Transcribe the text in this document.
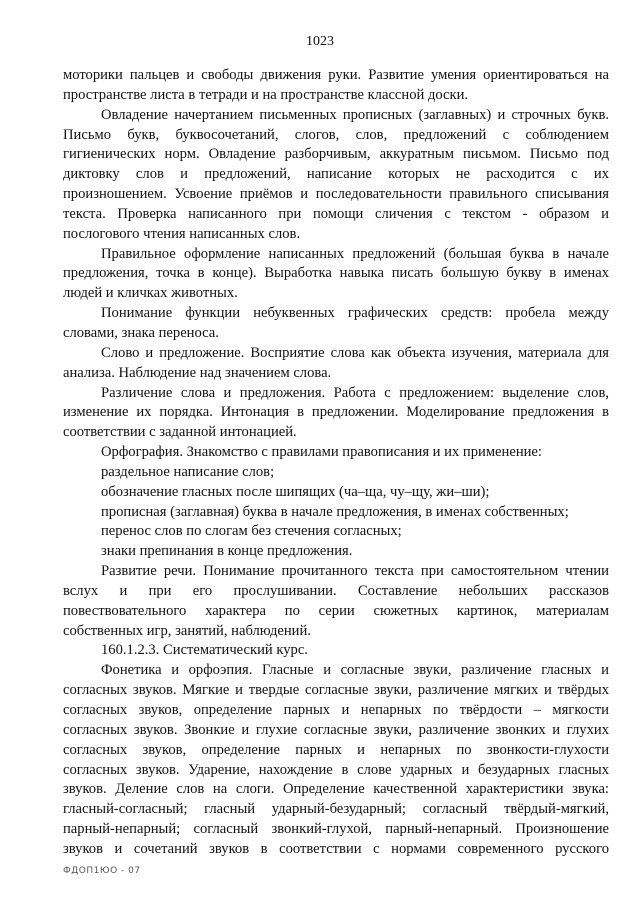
1023
моторики пальцев и свободы движения руки. Развитие умения ориентироваться на
пространстве листа в тетради и на пространстве классной доски.
Овладение начертанием письменных прописных (заглавных) и строчных букв.
Письмо букв, буквосочетаний, слогов, слов, предложений с соблюдением
гигиенических норм. Овладение разборчивым, аккуратным письмом. Письмо под
диктовку слов и предложений, написание которых не расходится с их
произношением. Усвоение приёмов и последовательности правильного списывания
текста. Проверка написанного при помощи сличения с текстом - образом и
послогового чтения написанных слов.
Правильное оформление написанных предложений (большая буква в начале
предложения, точка в конце). Выработка навыка писать большую букву в именах
людей и кличках животных.
Понимание функции небуквенных графических средств: пробела между
словами, знака переноса.
Слово и предложение. Восприятие слова как объекта изучения, материала для
анализа. Наблюдение над значением слова.
Различение слова и предложения. Работа с предложением: выделение слов,
изменение их порядка. Интонация в предложении. Моделирование предложения в
соответствии с заданной интонацией.
Орфография. Знакомство с правилами правописания и их применение:
раздельное написание слов;
обозначение гласных после шипящих (ча–ща, чу–щу, жи–ши);
прописная (заглавная) буква в начале предложения, в именах собственных;
перенос слов по слогам без стечения согласных;
знаки препинания в конце предложения.
Развитие речи. Понимание прочитанного текста при самостоятельном чтении
вслух и при его прослушивании. Составление небольших рассказов
повествовательного характера по серии сюжетных картинок, материалам
собственных игр, занятий, наблюдений.
160.1.2.3. Систематический курс.
Фонетика и орфоэпия. Гласные и согласные звуки, различение гласных и
согласных звуков. Мягкие и твердые согласные звуки, различение мягких и твёрдых
согласных звуков, определение парных и непарных по твёрдости – мягкости
согласных звуков. Звонкие и глухие согласные звуки, различение звонких и глухих
согласных звуков, определение парных и непарных по звонкости-глухости
согласных звуков. Ударение, нахождение в слове ударных и безударных гласных
звуков. Деление слов на слоги. Определение качественной характеристики звука:
гласный-согласный; гласный ударный-безударный; согласный твёрдый-мягкий,
парный-непарный; согласный звонкий-глухой, парный-непарный. Произношение
звуков и сочетаний звуков в соответствии с нормами современного русского
ФДОП1ЮО - 07
